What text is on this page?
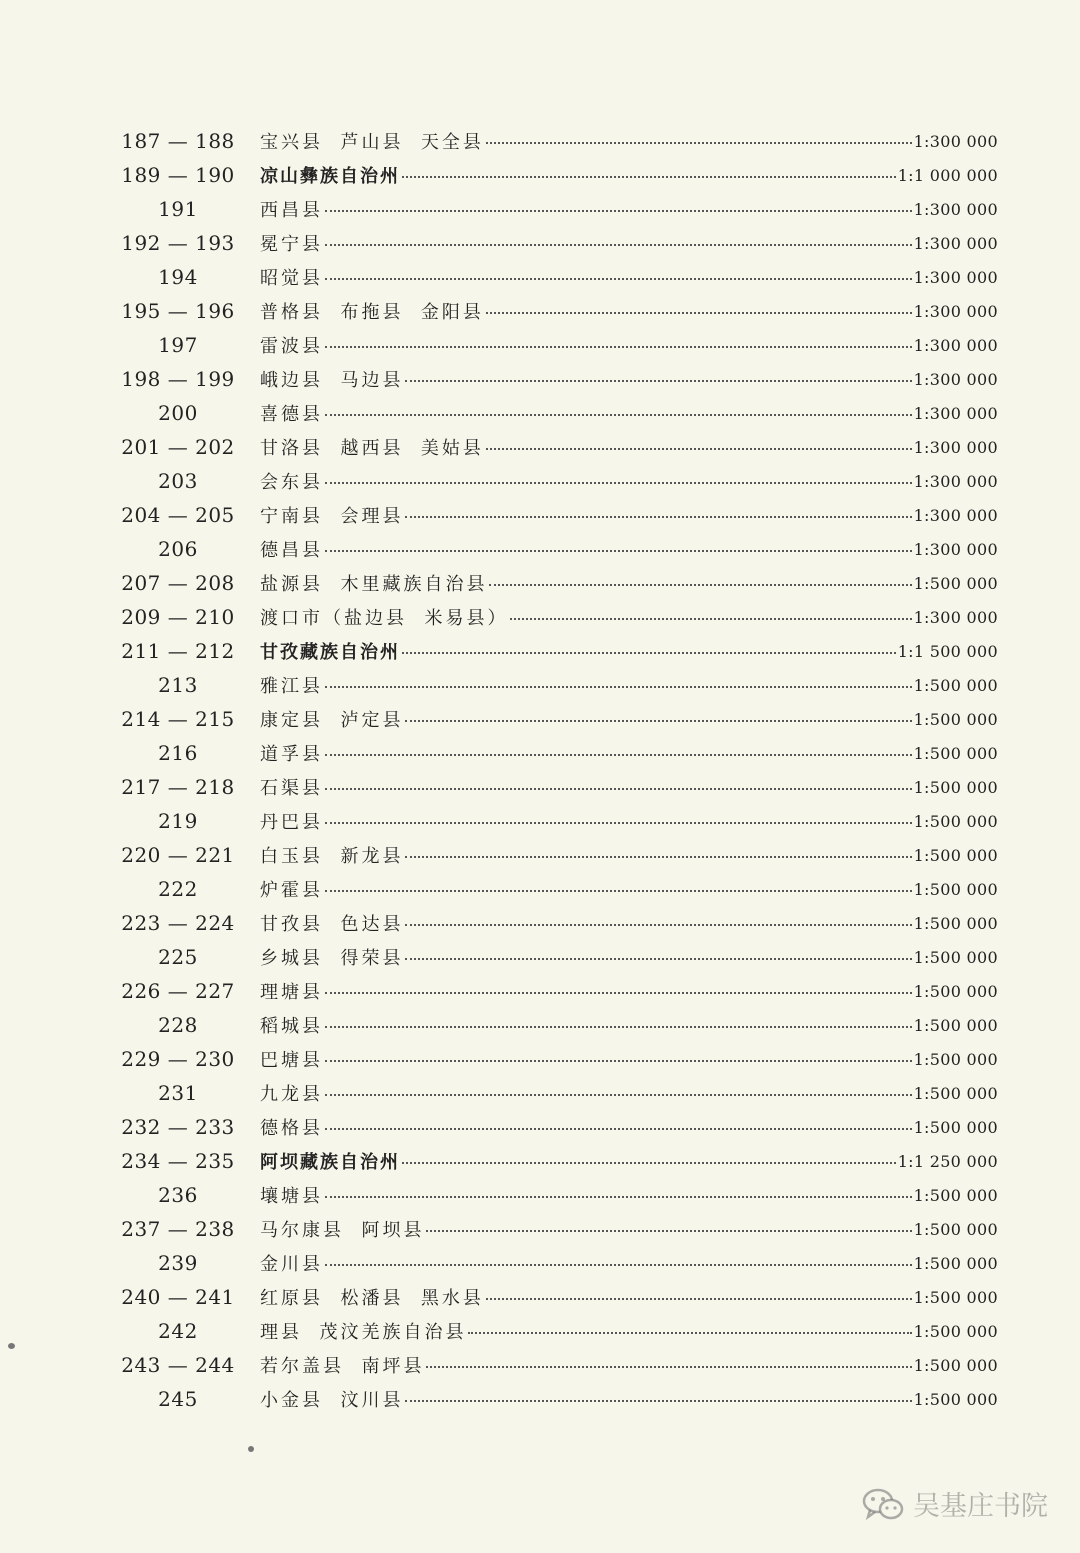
187 — 188 宝兴县  芦山县  天全县	1:300 000
189 — 190 凉山彝族自治州	1:1 000 000
191	西昌县	1:300 000
192 — 193 冕宁县	1:300 000
194	昭觉县	1:300 000
195 — 196 普格县  布拖县  金阳县	1:300 000
197	雷波县	1:300 000
198 — 199 峨边县  马边县	1:300 000
200	喜德县	1:300 000
201 — 202 甘洛县  越西县  美姑县	1:300 000
203	会东县	1:300 000
204 — 205 宁南县  会理县	1:300 000
206	德昌县	1:300 000
207 — 208 盐源县  木里藏族自治县	1:500 000
209 — 210 渡口市（盐边县  米易县）	1:300 000
211 — 212 甘孜藏族自治州	1:1 500 000
213	雅江县	1:500 000
214 — 215 康定县  泸定县	1:500 000
216	道孚县	1:500 000
217 — 218 石渠县	1:500 000
219	丹巴县	1:500 000
220 — 221 白玉县  新龙县	1:500 000
222	炉霍县	1:500 000
223 — 224 甘孜县  色达县	1:500 000
225	乡城县  得荣县	1:500 000
226 — 227 理塘县	1:500 000
228	稻城县	1:500 000
229 — 230 巴塘县	1:500 000
231	九龙县	1:500 000
232 — 233 德格县	1:500 000
234 — 235 阿坝藏族自治州	1:1 250 000
236	壤塘县	1:500 000
237 — 238 马尔康县  阿坝县	1:500 000
239	金川县	1:500 000
240 — 241 红原县  松潘县  黑水县	1:500 000
242	理县  茂汶羌族自治县	1:500 000
243 — 244 若尔盖县  南坪县	1:500 000
245	小金县  汶川县	1:500 000
吴基庄书院
